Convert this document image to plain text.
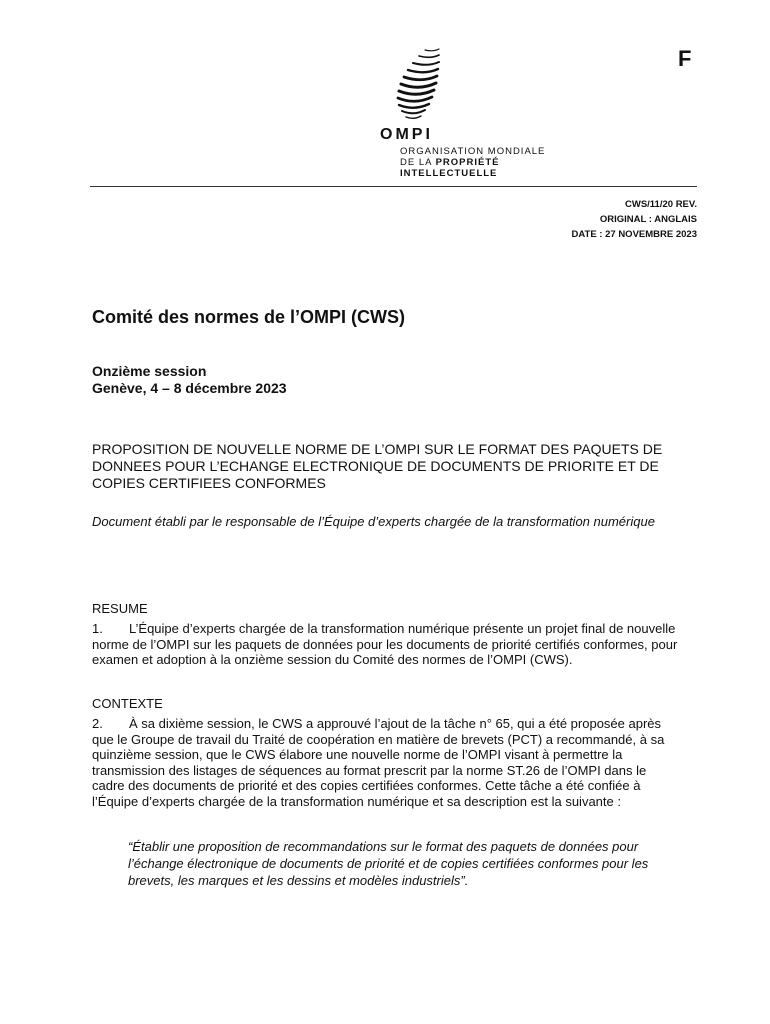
F
OMPI
ORGANISATION MONDIALE
DE LA PROPRIÉTÉ
INTELLECTUELLE
CWS/11/20 REV.
ORIGINAL : ANGLAIS
DATE : 27 NOVEMBRE 2023
Comité des normes de l’OMPI (CWS)
Onzième session
Genève, 4 – 8 décembre 2023
PROPOSITION DE NOUVELLE NORME DE L’OMPI SUR LE FORMAT DES PAQUETS DE DONNEES POUR L’ECHANGE ELECTRONIQUE DE DOCUMENTS DE PRIORITE ET DE COPIES CERTIFIEES CONFORMES
Document établi par le responsable de l’Équipe d’experts chargée de la transformation numérique
RESUME
1. L’Équipe d’experts chargée de la transformation numérique présente un projet final de nouvelle norme de l’OMPI sur les paquets de données pour les documents de priorité certifiés conformes, pour examen et adoption à la onzième session du Comité des normes de l’OMPI (CWS).
CONTEXTE
2. À sa dixième session, le CWS a approuvé l’ajout de la tâche n° 65, qui a été proposée après que le Groupe de travail du Traité de coopération en matière de brevets (PCT) a recommandé, à sa quinzième session, que le CWS élabore une nouvelle norme de l’OMPI visant à permettre la transmission des listages de séquences au format prescrit par la norme ST.26 de l’OMPI dans le cadre des documents de priorité et des copies certifiées conformes. Cette tâche a été confiée à l’Équipe d’experts chargée de la transformation numérique et sa description est la suivante :
“Établir une proposition de recommandations sur le format des paquets de données pour l’échange électronique de documents de priorité et de copies certifiées conformes pour les brevets, les marques et les dessins et modèles industriels”.
